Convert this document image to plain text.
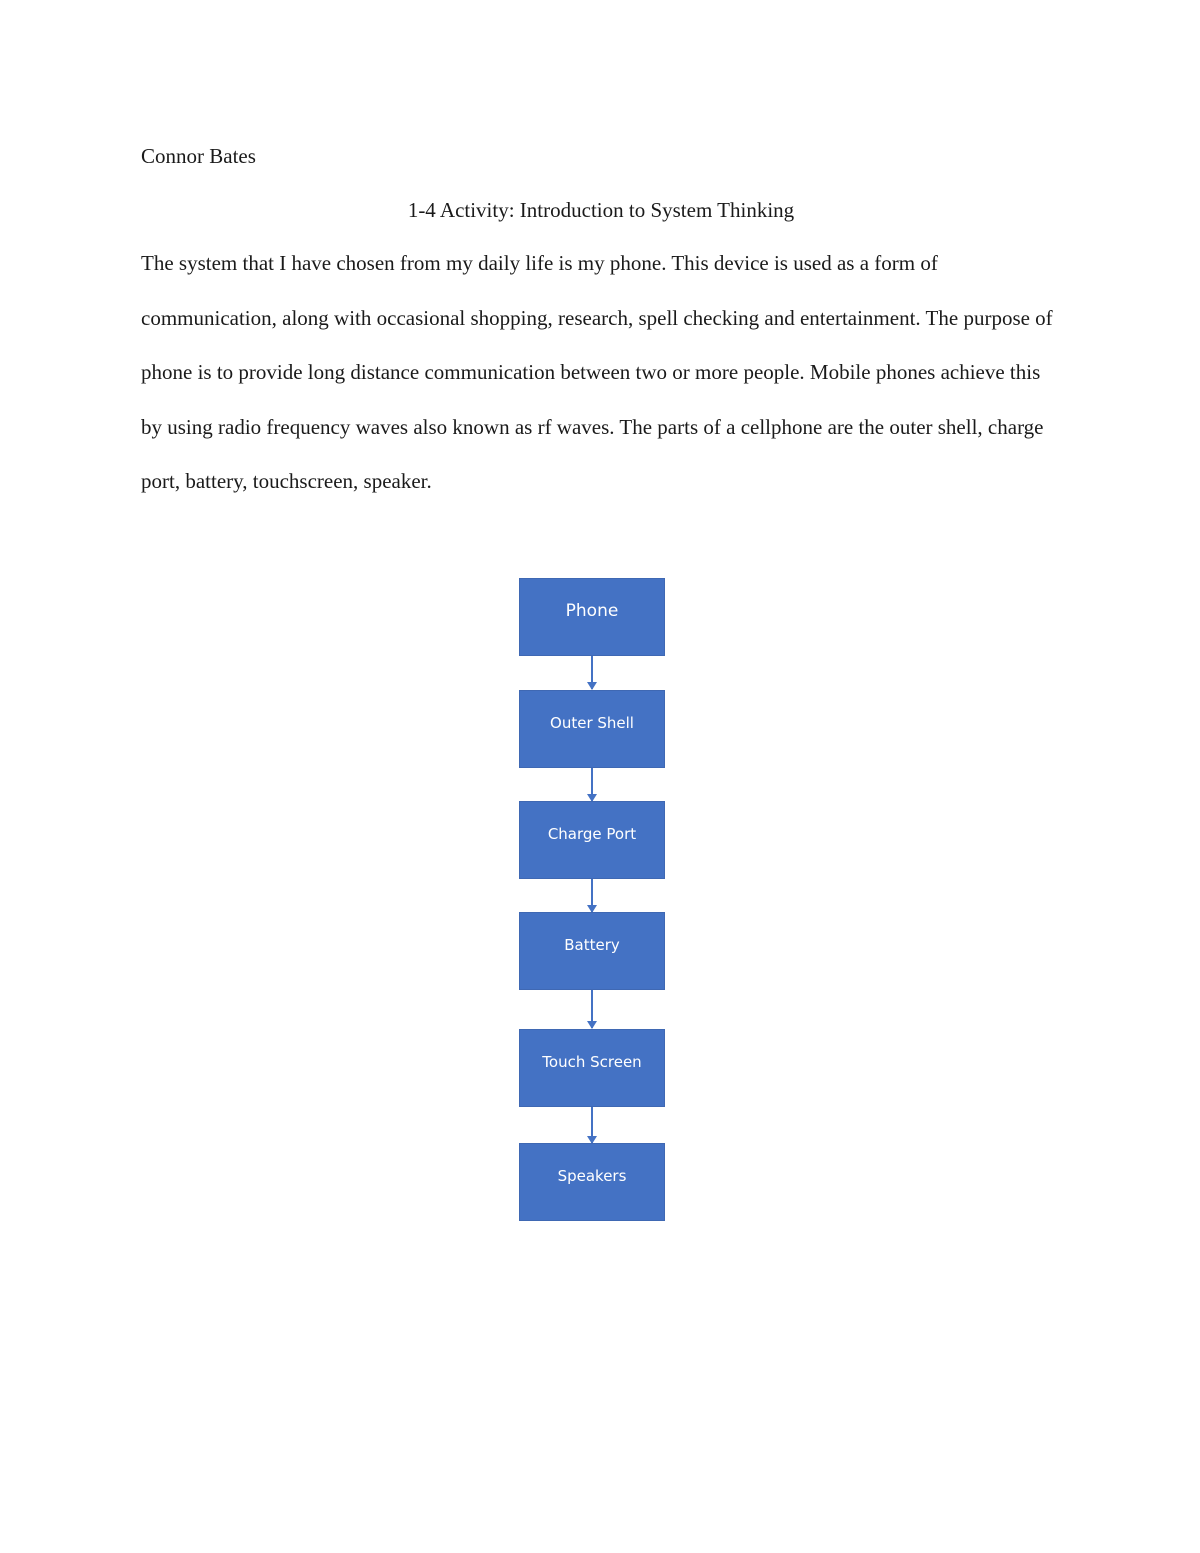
Connor Bates

1-4 Activity: Introduction to System Thinking

The system that I have chosen from my daily life is my phone. This device is used as a form of communication, along with occasional shopping, research, spell checking and entertainment. The purpose of phone is to provide long distance communication between two or more people. Mobile phones achieve this by using radio frequency waves also known as rf waves. The parts of a cellphone are the outer shell, charge port, battery, touchscreen, speaker.

Phone
Outer Shell
Charge Port
Battery
Touch Screen
Speakers
